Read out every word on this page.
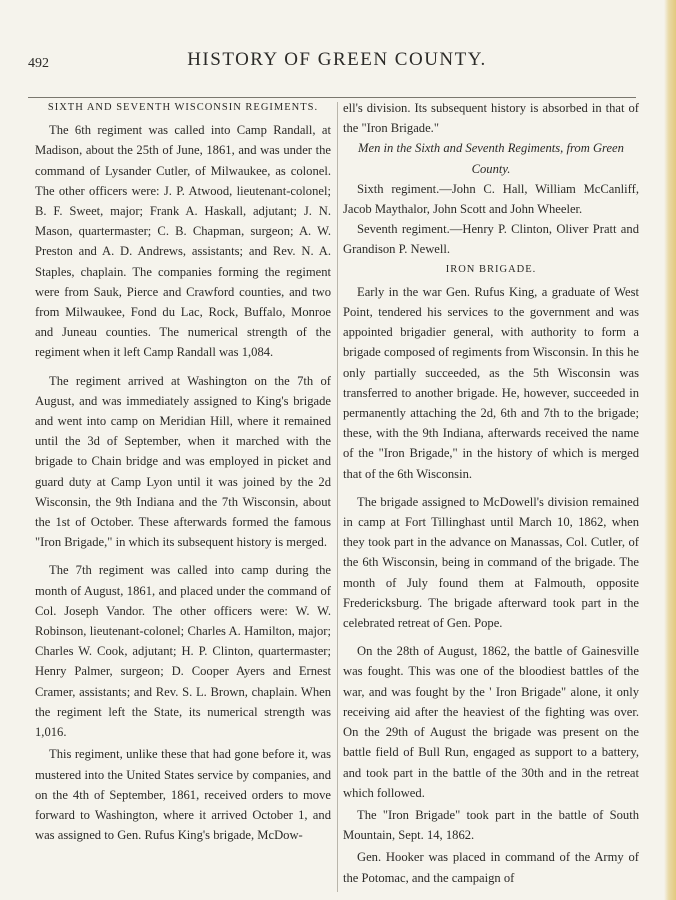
492	HISTORY OF GREEN COUNTY.
SIXTH AND SEVENTH WISCONSIN REGIMENTS.

The 6th regiment was called into Camp Randall, at Madison, about the 25th of June, 1861, and was under the command of Lysander Cutler, of Milwaukee, as colonel. The other officers were: J. P. Atwood, lieutenant-colonel; B. F. Sweet, major; Frank A. Haskall, adjutant; J. N. Mason, quartermaster; C. B. Chapman, surgeon; A. W. Preston and A. D. Andrews, assistants; and Rev. N. A. Staples, chaplain. The companies forming the regiment were from Sauk, Pierce and Crawford counties, and two from Milwaukee, Fond du Lac, Rock, Buffalo, Monroe and Juneau counties. The numerical strength of the regiment when it left Camp Randall was 1,084.

The regiment arrived at Washington on the 7th of August, and was immediately assigned to King's brigade and went into camp on Meridian Hill, where it remained until the 3d of September, when it marched with the brigade to Chain bridge and was employed in picket and guard duty at Camp Lyon until it was joined by the 2d Wisconsin, the 9th Indiana and the 7th Wisconsin, about the 1st of October. These afterwards formed the famous "Iron Brigade," in which its subsequent history is merged.

The 7th regiment was called into camp during the month of August, 1861, and placed under the command of Col. Joseph Vandor. The other officers were: W. W. Robinson, lieutenant-colonel; Charles A. Hamilton, major; Charles W. Cook, adjutant; H. P. Clinton, quartermaster; Henry Palmer, surgeon; D. Cooper Ayers and Ernest Cramer, assistants; and Rev. S. L. Brown, chaplain. When the regiment left the State, its numerical strength was 1,016.

This regiment, unlike these that had gone before it, was mustered into the United States service by companies, and on the 4th of September, 1861, received orders to move forward to Washington, where it arrived October 1, and was assigned to Gen. Rufus King's brigade, McDow-

ell's division. Its subsequent history is absorbed in that of the "Iron Brigade."

Men in the Sixth and Seventh Regiments, from Green County.

Sixth regiment.—John C. Hall, William McCanliff, Jacob Maythalor, John Scott and John Wheeler.

Seventh regiment.—Henry P. Clinton, Oliver Pratt and Grandison P. Newell.

IRON BRIGADE.

Early in the war Gen. Rufus King, a graduate of West Point, tendered his services to the government and was appointed brigadier general, with authority to form a brigade composed of regiments from Wisconsin. In this he only partially succeeded, as the 5th Wisconsin was transferred to another brigade. He, however, succeeded in permanently attaching the 2d, 6th and 7th to the brigade; these, with the 9th Indiana, afterwards received the name of the "Iron Brigade," in the history of which is merged that of the 6th Wisconsin.

The brigade assigned to McDowell's division remained in camp at Fort Tillinghast until March 10, 1862, when they took part in the advance on Manassas, Col. Cutler, of the 6th Wisconsin, being in command of the brigade. The month of July found them at Falmouth, opposite Fredericksburg. The brigade afterward took part in the celebrated retreat of Gen. Pope.

On the 28th of August, 1862, the battle of Gainesville was fought. This was one of the bloodiest battles of the war, and was fought by the ' Iron Brigade" alone, it only receiving aid after the heaviest of the fighting was over. On the 29th of August the brigade was present on the battle field of Bull Run, engaged as support to a battery, and took part in the battle of the 30th and in the retreat which followed.

The "Iron Brigade" took part in the battle of South Mountain, Sept. 14, 1862.

Gen. Hooker was placed in command of the Army of the Potomac, and the campaign of
